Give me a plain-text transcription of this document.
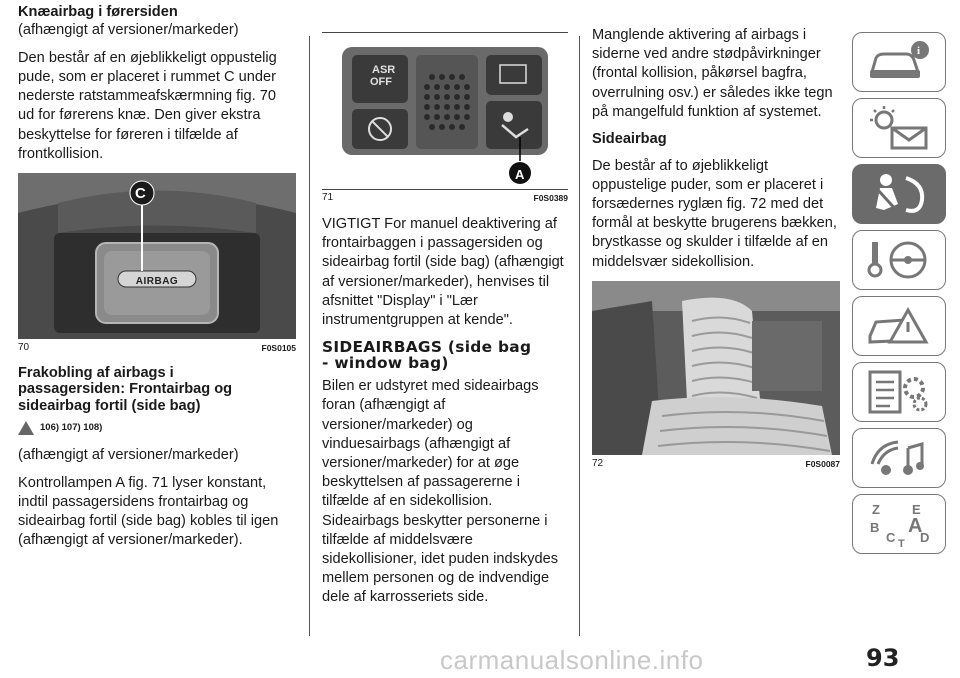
Knæairbag i førersiden

(afhængigt af versioner/markeder)

Den består af en øjeblikkeligt oppustelig pude, som er placeret i rummet C under nederste ratstammeafskærmning fig. 70 ud for førerens knæ. Den giver ekstra beskyttelse for føreren i tilfælde af frontkollision.

C
AIRBAG
70	F0S0105
Frakobling af airbags i
passagersiden: Frontairbag og
sideairbag fortil (side bag)
106) 107) 108)

(afhængigt af versioner/markeder)

Kontrollampen A fig. 71 lyser konstant, indtil passagersidens frontairbag og sideairbag fortil (side bag) kobles til igen (afhængigt af versioner/markeder).

ASR
OFF
A
71	F0S0389

VIGTIGT For manuel deaktivering af frontairbaggen i passagersiden og sideairbag fortil (side bag) (afhængigt af versioner/markeder), henvises til afsnittet "Display" i "Lær instrumentgruppen at kende".

SIDEAIRBAGS (side bag
- window bag)

Bilen er udstyret med sideairbags foran (afhængigt af versioner/markeder) og vinduesairbags (afhængigt af versioner/markeder) for at øge beskyttelsen af passagererne i tilfælde af en sidekollision.

Sideairbags beskytter personerne i tilfælde af middelsvære sidekollisioner, idet puden indskydes mellem personen og de indvendige dele af karrosseriets side.

Manglende aktivering af airbags i siderne ved andre stødpåvirkninger (frontal kollision, påkørsel bagfra, overrulning osv.) er således ikke tegn på mangelfuld funktion af systemet.

Sideairbag

De består af to øjeblikkeligt oppustelige puder, som er placeret i forsædernes ryglæn fig. 72 med det formål at beskytte brugerens bækken, brystkasse og skulder i tilfælde af en middelsvær sidekollision.

72	F0S0087
i
Z E
B A
C D
T
carmanualsonline.info	93
